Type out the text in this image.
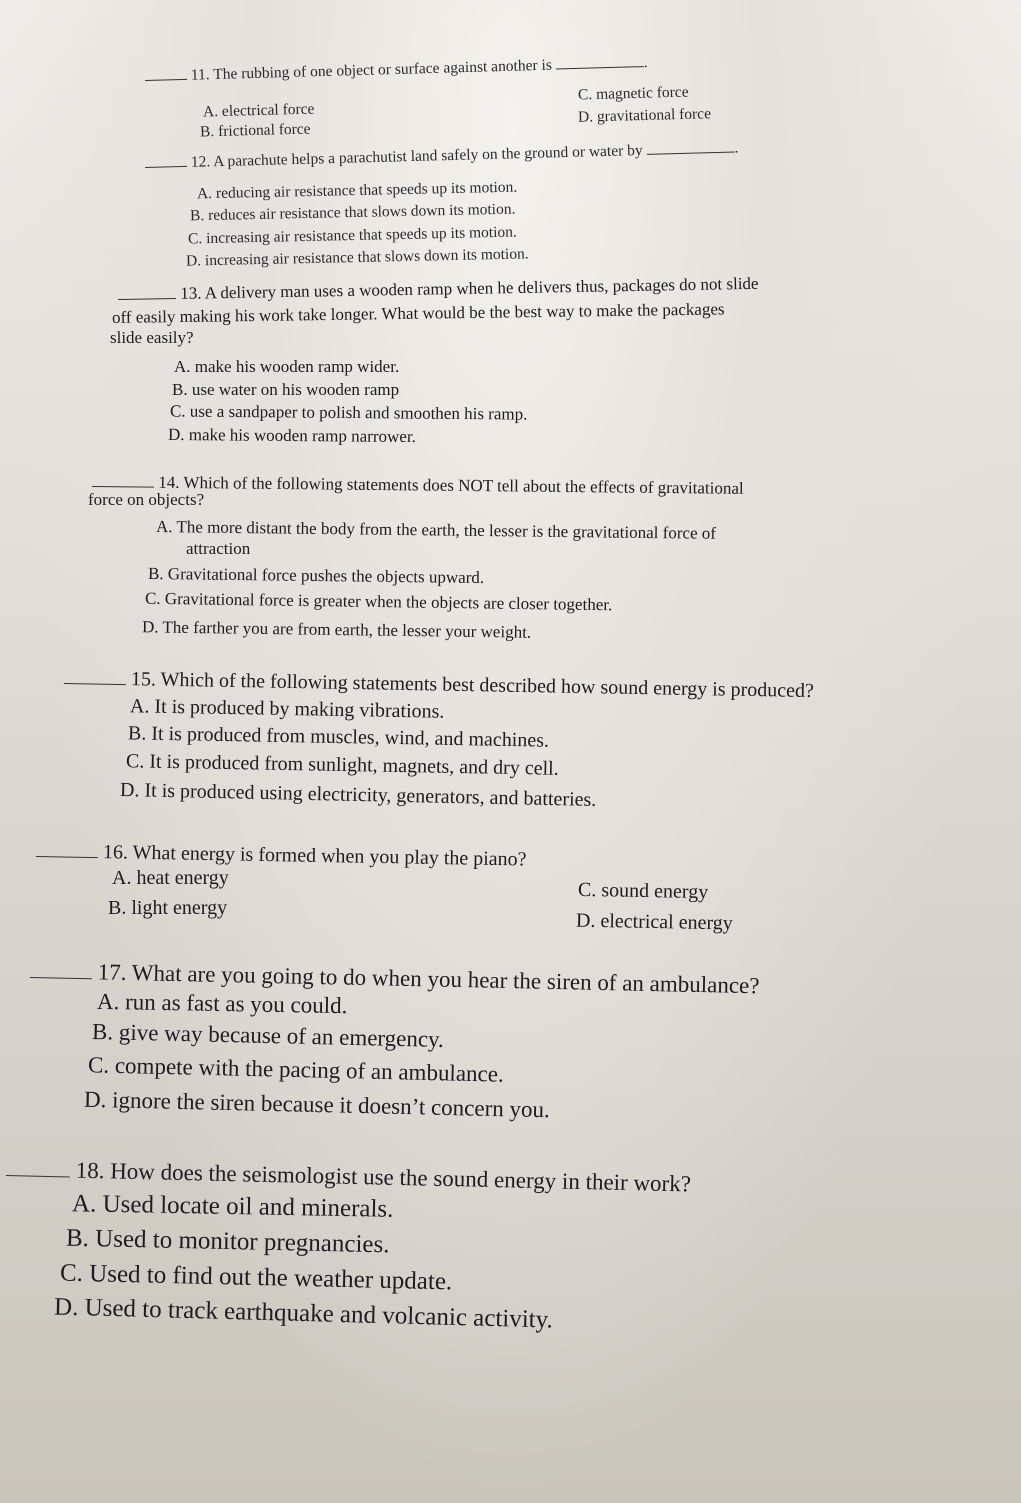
11. The rubbing of one object or surface against another is	.
A. electrical force
B. frictional force
C. magnetic force
D. gravitational force
12. A parachute helps a parachutist land safely on the ground or water by	.
A. reducing air resistance that speeds up its motion.
B. reduces air resistance that slows down its motion.
C. increasing air resistance that speeds up its motion.
D. increasing air resistance that slows down its motion.
13. A delivery man uses a wooden ramp when he delivers thus, packages do not slide
off easily making his work take longer. What would be the best way to make the packages
slide easily?
A. make his wooden ramp wider.
B. use water on his wooden ramp
C. use a sandpaper to polish and smoothen his ramp.
D. make his wooden ramp narrower.
14. Which of the following statements does NOT tell about the effects of gravitational
force on objects?
A. The more distant the body from the earth, the lesser is the gravitational force of
attraction
B. Gravitational force pushes the objects upward.
C. Gravitational force is greater when the objects are closer together.
D. The farther you are from earth, the lesser your weight.
15. Which of the following statements best described how sound energy is produced?
A. It is produced by making vibrations.
B. It is produced from muscles, wind, and machines.
C. It is produced from sunlight, magnets, and dry cell.
D. It is produced using electricity, generators, and batteries.
16. What energy is formed when you play the piano?
A. heat energy
B. light energy
C. sound energy
D. electrical energy
17. What are you going to do when you hear the siren of an ambulance?
A. run as fast as you could.
B. give way because of an emergency.
C. compete with the pacing of an ambulance.
D. ignore the siren because it doesn’t concern you.
18. How does the seismologist use the sound energy in their work?
A. Used locate oil and minerals.
B. Used to monitor pregnancies.
C. Used to find out the weather update.
D. Used to track earthquake and volcanic activity.
